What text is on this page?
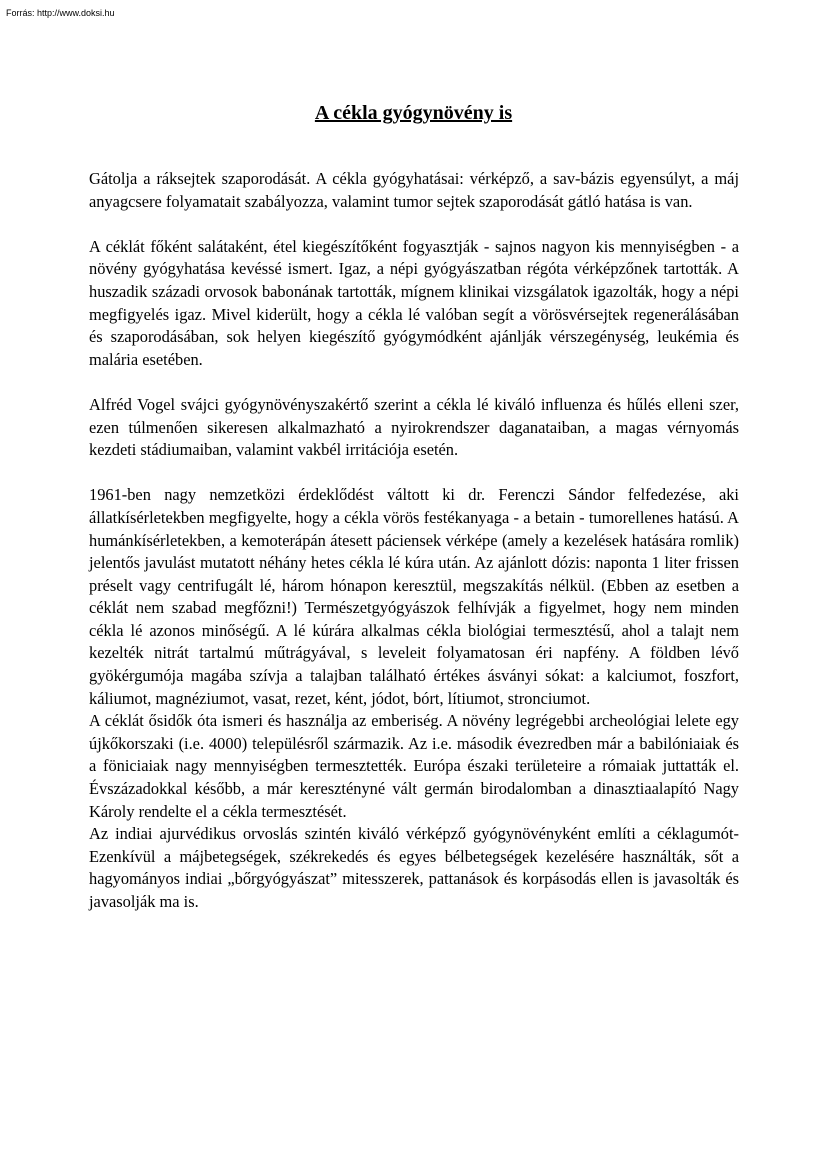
Forrás: http://www.doksi.hu
A cékla gyógynövény is

Gátolja a ráksejtek szaporodását. A cékla gyógyhatásai: vérképző, a sav-bázis egyensúlyt, a máj anyagcsere folyamatait szabályozza, valamint tumor sejtek szaporodását gátló hatása is van.

A céklát főként salátaként, étel kiegészítőként fogyasztják - sajnos nagyon kis mennyiségben - a növény gyógyhatása kevéssé ismert. Igaz, a népi gyógyászatban régóta vérképzőnek tartották. A huszadik századi orvosok babonának tartották, mígnem klinikai vizsgálatok igazolták, hogy a népi megfigyelés igaz. Mivel kiderült, hogy a cékla lé valóban segít a vörösvérsejtek regenerálásában és szaporodásában, sok helyen kiegészítő gyógymódként ajánlják vérszegénység, leukémia és malária esetében.

Alfréd Vogel svájci gyógynövényszakértő szerint a cékla lé kiváló influenza és hűlés elleni szer, ezen túlmenően sikeresen alkalmazható a nyirokrendszer daganataiban, a magas vérnyomás kezdeti stádiumaiban, valamint vakbél irritációja esetén.

1961-ben nagy nemzetközi érdeklődést váltott ki dr. Ferenczi Sándor felfedezése, aki állatkísérletekben megfigyelte, hogy a cékla vörös festékanyaga - a betain - tumorellenes hatású. A humánkísérletekben, a kemoterápán átesett páciensek vérképe (amely a kezelések hatására romlik) jelentős javulást mutatott néhány hetes cékla lé kúra után. Az ajánlott dózis: naponta 1 liter frissen préselt vagy centrifugált lé, három hónapon keresztül, megszakítás nélkül. (Ebben az esetben a céklát nem szabad megfőzni!) Természetgyógyászok felhívják a figyelmet, hogy nem minden cékla lé azonos minőségű. A lé kúrára alkalmas cékla biológiai termesztésű, ahol a talajt nem kezelték nitrát tartalmú műtrágyával, s leveleit folyamatosan éri napfény. A földben lévő gyökérgumója magába szívja a talajban található értékes ásványi sókat: a kalciumot, foszfort, káliumot, magnéziumot, vasat, rezet, ként, jódot, bórt, lítiumot, stronciumot.

A céklát ősidők óta ismeri és használja az emberiség. A növény legrégebbi archeológiai lelete egy újkőkorszaki (i.e. 4000) településről származik. Az i.e. második évezredben már a babilóniaiak és a föniciaiak nagy mennyiségben termesztették. Európa északi területeire a rómaiak juttatták el. Évszázadokkal később, a már keresztényné vált germán birodalomban a dinasztiaalapító Nagy Károly rendelte el a cékla termesztését.

Az indiai ajurvédikus orvoslás szintén kiváló vérképző gyógynövényként említi a céklagumót- Ezenkívül a májbetegségek, székrekedés és egyes bélbetegségek kezelésére használták, sőt a hagyományos indiai „bőrgyógyászat” mitesszerek, pattanások és korpásodás ellen is javasolták és javasolják ma is.
